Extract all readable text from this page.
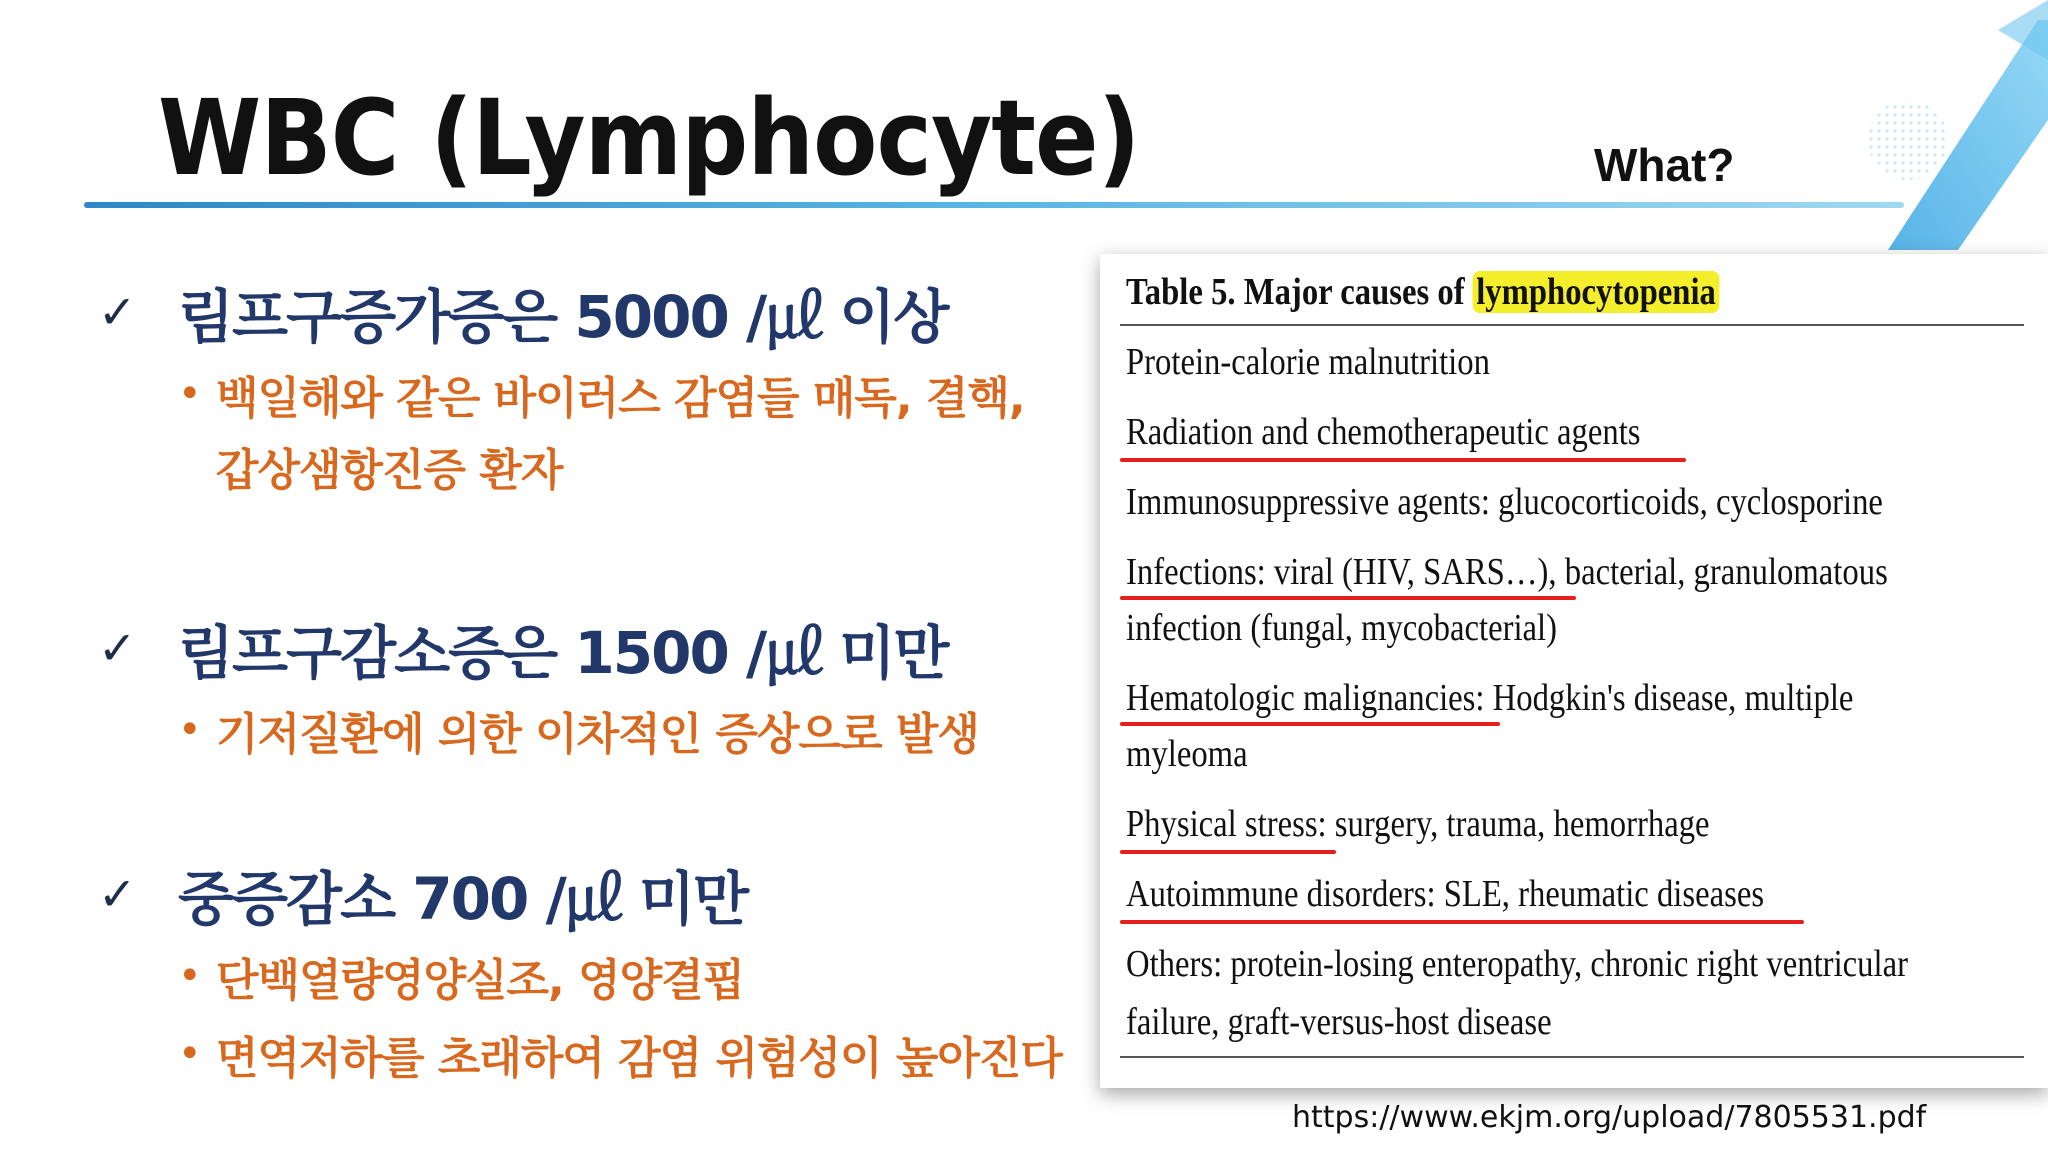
WBC (Lymphocyte)	What?
✓ 림프구증가증은 5000 /㎕ 이상
• 백일해와 같은 바이러스 감염들 매독, 결핵,
갑상샘항진증 환자
✓ 림프구감소증은 1500 /㎕ 미만
• 기저질환에 의한 이차적인 증상으로 발생
✓ 중증감소 700 /㎕ 미만
• 단백열량영양실조, 영양결핍
• 면역저하를 초래하여 감염 위험성이 높아진다
Table 5. Major causes of lymphocytopenia
Protein-calorie malnutrition
Radiation and chemotherapeutic agents
Immunosuppressive agents: glucocorticoids, cyclosporine
Infections: viral (HIV, SARS…), bacterial, granulomatous
infection (fungal, mycobacterial)
Hematologic malignancies: Hodgkin's disease, multiple
myleoma
Physical stress: surgery, trauma, hemorrhage
Autoimmune disorders: SLE, rheumatic diseases
Others: protein-losing enteropathy, chronic right ventricular
failure, graft-versus-host disease
https://www.ekjm.org/upload/7805531.pdf
